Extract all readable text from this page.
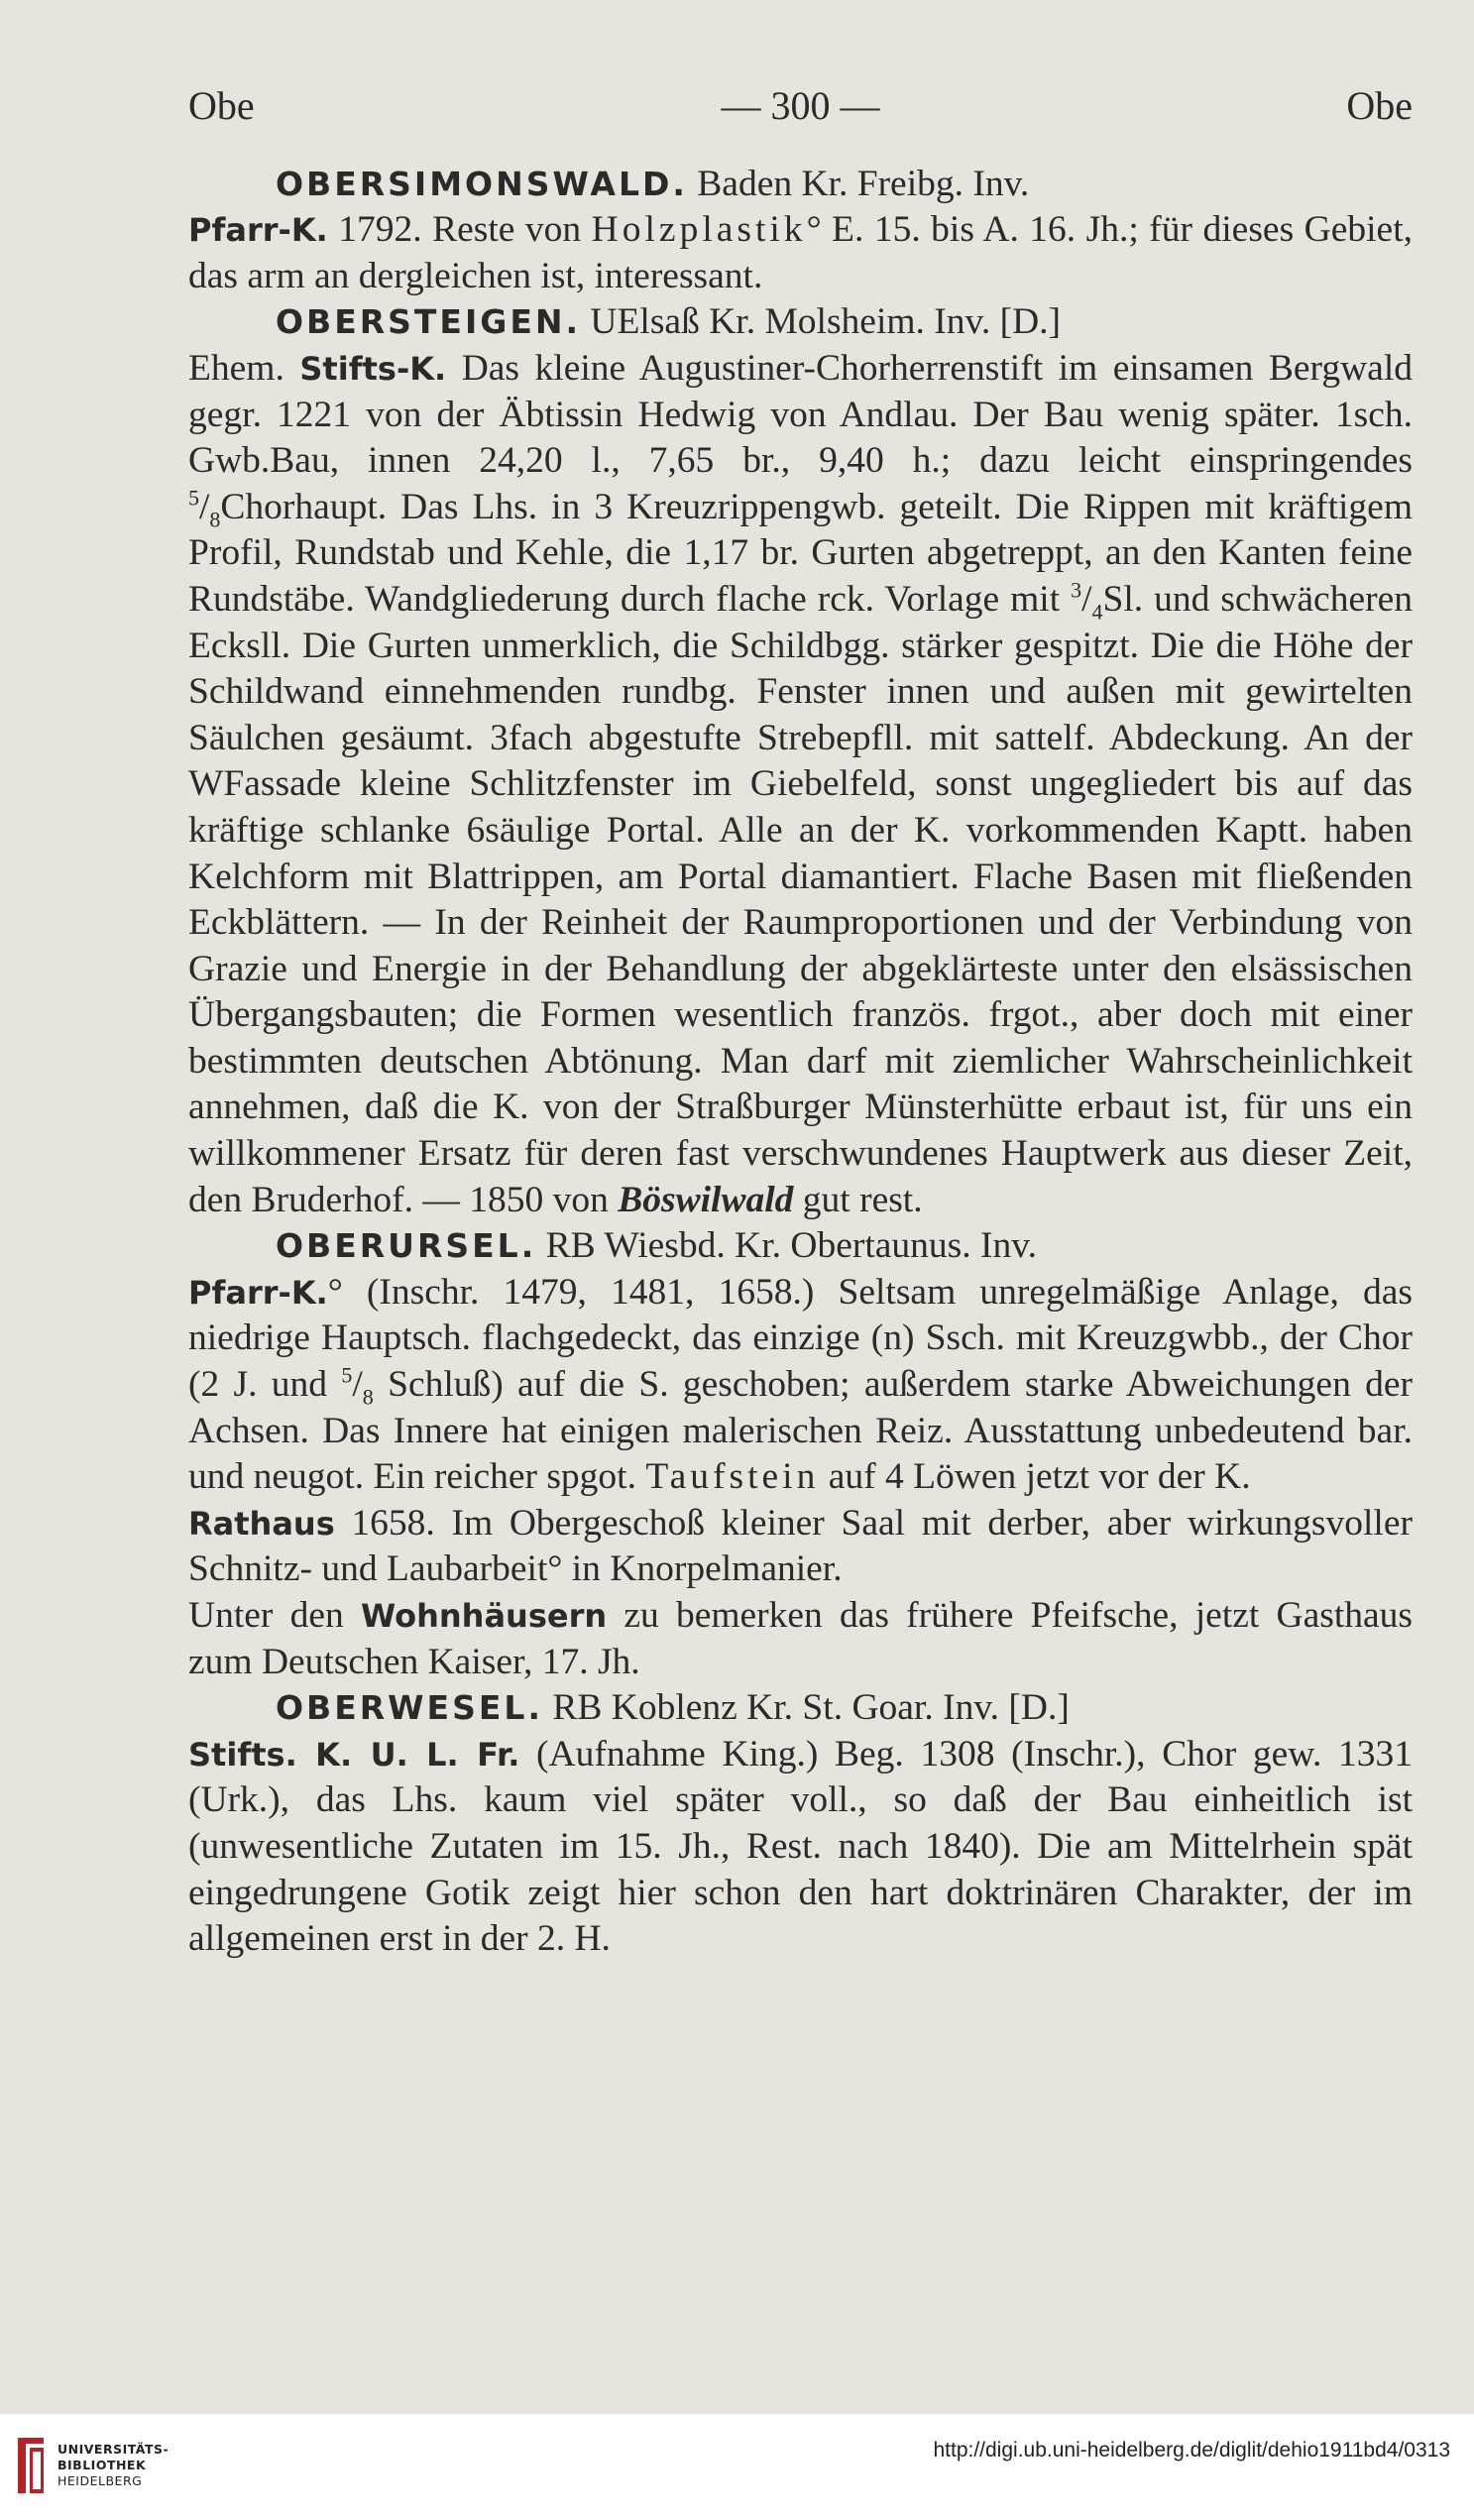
Obe	— 300 —	Obe

OBERSIMONSWALD. Baden Kr. Freibg. Inv.

Pfarr-K. 1792. Reste von Holzplastik° E. 15. bis A. 16. Jh.; für dieses Gebiet, das arm an dergleichen ist, interessant.

OBERSTEIGEN. UElsaß Kr. Molsheim. Inv. [D.]

Ehem. Stifts-K. Das kleine Augustiner-Chorherrenstift im einsamen Bergwald gegr. 1221 von der Äbtissin Hedwig von Andlau. Der Bau wenig später. 1sch. Gwb.Bau, innen 24,20 l., 7,65 br., 9,40 h.; dazu leicht einspringendes $^5/_8Chorhaupt$. Das Lhs. in 3 Kreuzrippengwb. geteilt. Die Rippen mit kräftigem Profil, Rundstab und Kehle, die 1,17 br. Gurten abgetreppt, an den Kanten feine Rundstäbe. Wandgliederung durch flache rck. Vorlage mit $^3/_4Sl$. und schwächeren Ecksll. Die Gurten unmerklich, die Schildbgg. stärker gespitzt. Die die Höhe der Schildwand einnehmenden rundbg. Fenster innen und außen mit gewirtelten Säulchen gesäumt. 3fach abgestufte Strebepfll. mit sattelf. Abdeckung. An der WFassade kleine Schlitzfenster im Giebelfeld, sonst ungegliedert bis auf das kräftige schlanke 6säulige Portal. Alle an der K. vorkommenden Kaptt. haben Kelchform mit Blattrippen, am Portal diamantiert. Flache Basen mit fließenden Eckblättern. — In der Reinheit der Raumproportionen und der Verbindung von Grazie und Energie in der Behandlung der abgeklärteste unter den elsässischen Übergangsbauten; die Formen wesentlich französ. frgot., aber doch mit einer bestimmten deutschen Abtönung. Man darf mit ziemlicher Wahrscheinlichkeit annehmen, daß die K. von der Straßburger Münsterhütte erbaut ist, für uns ein willkommener Ersatz für deren fast verschwundenes Hauptwerk aus dieser Zeit, den Bruderhof. — 1850 von Böswilwald gut rest.

OBERURSEL. RB Wiesbd. Kr. Obertaunus. Inv.

Pfarr-K.° (Inschr. 1479, 1481, 1658.) Seltsam unregelmäßige Anlage, das niedrige Hauptsch. flachgedeckt, das einzige (n) Ssch. mit Kreuzgwbb., der Chor (2 J. und $^5/_8$ Schluß) auf die S. geschoben; außerdem starke Abweichungen der Achsen. Das Innere hat einigen malerischen Reiz. Ausstattung unbedeutend bar. und neugot. Ein reicher spgot. Taufstein auf 4 Löwen jetzt vor der K.

Rathaus 1658. Im Obergeschoß kleiner Saal mit derber, aber wirkungsvoller Schnitz- und Laubarbeit° in Knorpelmanier.

Unter den Wohnhäusern zu bemerken das frühere Pfeifsche, jetzt Gasthaus zum Deutschen Kaiser, 17. Jh.

OBERWESEL. RB Koblenz Kr. St. Goar. Inv. [D.]

Stifts. K. U. L. Fr. (Aufnahme King.) Beg. 1308 (Inschr.), Chor gew. 1331 (Urk.), das Lhs. kaum viel später voll., so daß der Bau einheitlich ist (unwesentliche Zutaten im 15. Jh., Rest. nach 1840). Die am Mittelrhein spät eingedrungene Gotik zeigt hier schon den hart doktrinären Charakter, der im allgemeinen erst in der 2. H.

UNIVERSITÄTS-
BIBLIOTHEK
HEIDELBERG
http://digi.ub.uni-heidelberg.de/diglit/dehio1911bd4/0313
